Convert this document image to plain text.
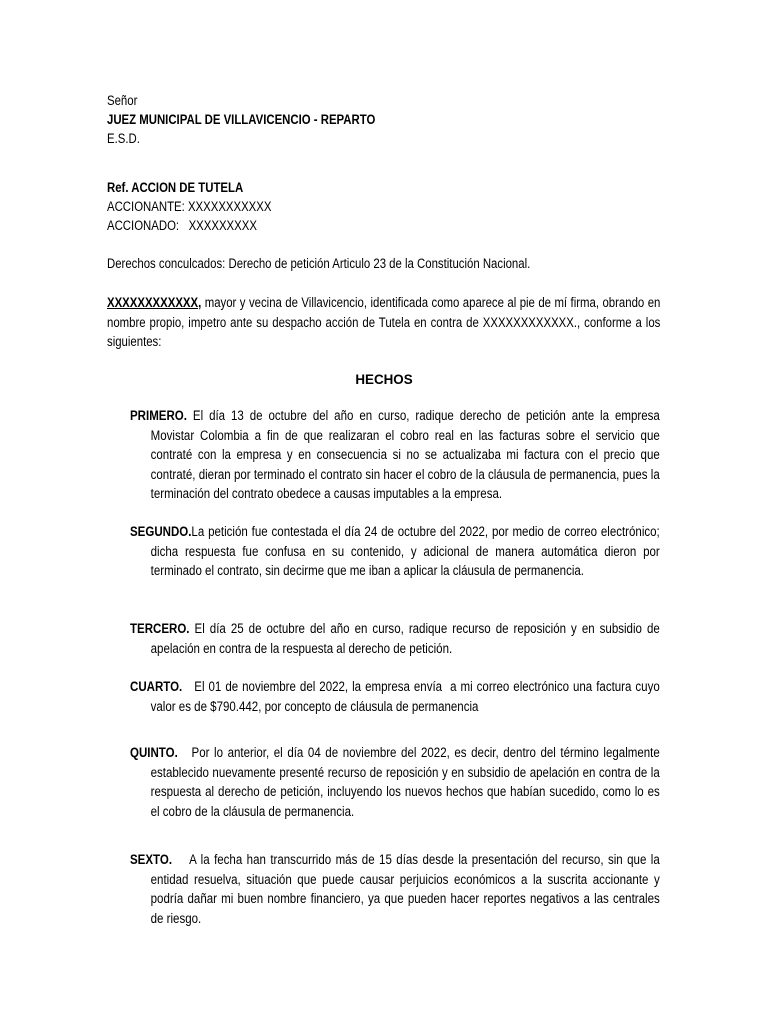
Señor

JUEZ MUNICIPAL DE VILLAVICENCIO - REPARTO

E.S.D.

Ref. ACCION DE TUTELA

ACCIONANTE: XXXXXXXXXXX

ACCIONADO:   XXXXXXXXX

Derechos conculcados: Derecho de petición Articulo 23 de la Constitución Nacional.

XXXXXXXXXXXX, mayor y vecina de Villavicencio, identificada como aparece al pie de mí firma, obrando en nombre propio, impetro ante su despacho acción de Tutela en contra de XXXXXXXXXXXX., conforme a los siguientes:

HECHOS

PRIMERO. El día 13 de octubre del año en curso, radique derecho de petición ante la empresa Movistar Colombia a fin de que realizaran el cobro real en las facturas sobre el servicio que contraté con la empresa y en consecuencia si no se actualizaba mi factura con el precio que contraté, dieran por terminado el contrato sin hacer el cobro de la cláusula de permanencia, pues la terminación del contrato obedece a causas imputables a la empresa.

SEGUNDO.La petición fue contestada el día 24 de octubre del 2022, por medio de correo electrónico; dicha respuesta fue confusa en su contenido, y adicional de manera automática dieron por terminado el contrato, sin decirme que me iban a aplicar la cláusula de permanencia.

TERCERO. El día 25 de octubre del año en curso, radique recurso de reposición y en subsidio de apelación en contra de la respuesta al derecho de petición.

CUARTO.   El 01 de noviembre del 2022, la empresa envía  a mi correo electrónico una factura cuyo valor es de $790.442, por concepto de cláusula de permanencia

QUINTO.   Por lo anterior, el día 04 de noviembre del 2022, es decir, dentro del término legalmente establecido nuevamente presenté recurso de reposición y en subsidio de apelación en contra de la respuesta al derecho de petición, incluyendo los nuevos hechos que habían sucedido, como lo es el cobro de la cláusula de permanencia.

SEXTO.    A la fecha han transcurrido más de 15 días desde la presentación del recurso, sin que la entidad resuelva, situación que puede causar perjuicios económicos a la suscrita accionante y podría dañar mi buen nombre financiero, ya que pueden hacer reportes negativos a las centrales de riesgo.
